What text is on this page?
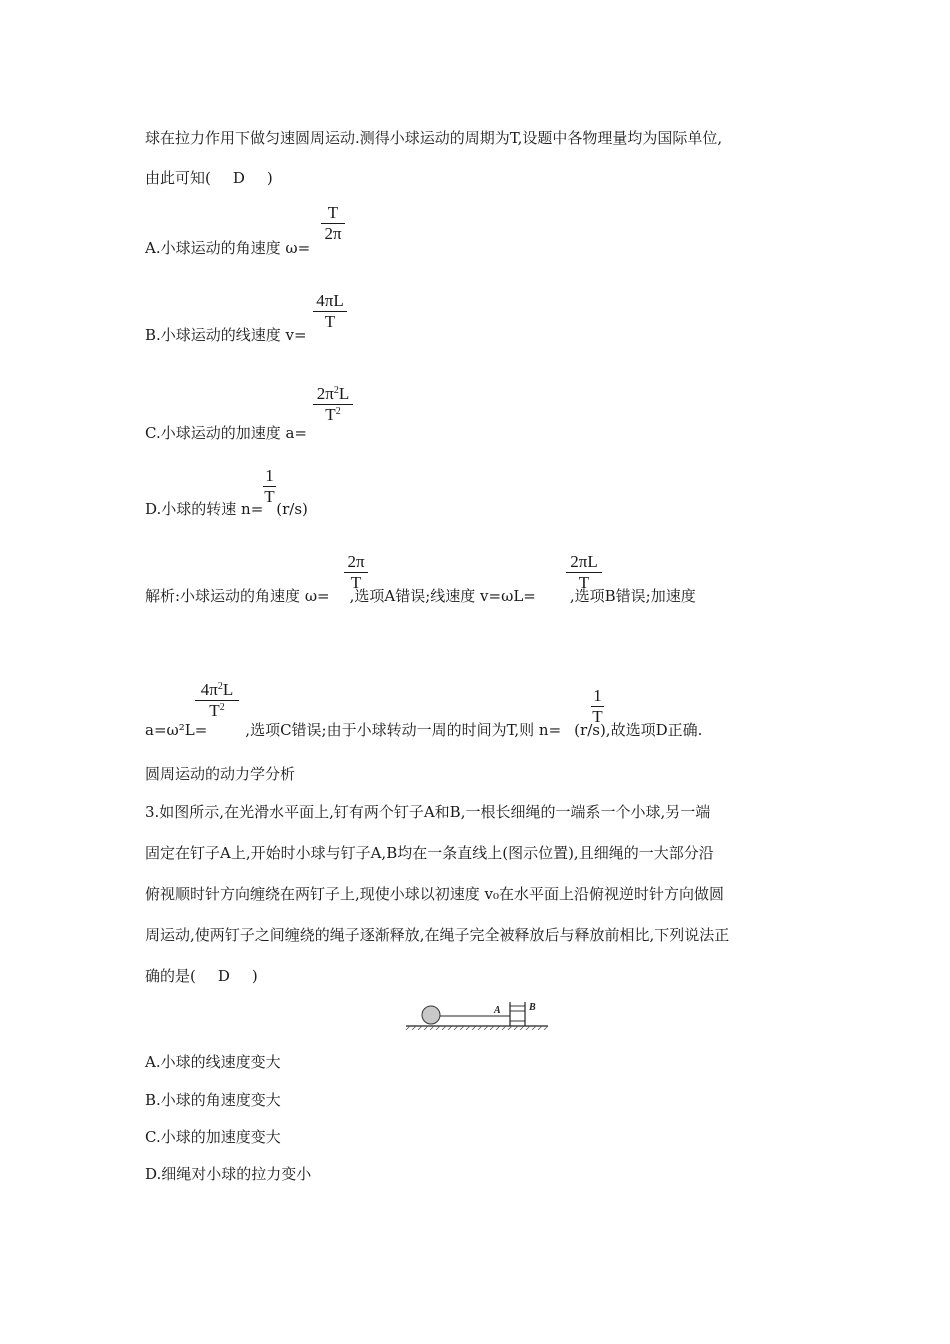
球在拉力作用下做匀速圆周运动.测得小球运动的周期为T,设题中各物理量均为国际单位,
由此可知( D )
A.小球运动的角速度 ω=
T
2π
B.小球运动的线速度 v=
4πL
T
C.小球运动的加速度 a=
$2\pi^2L$
$T^2$
D.小球的转速 n= (r/s)
1
T
解析:小球运动的角速度 ω= ,选项A错误;线速度 v=ωL= ,选项B错误;加速度
2π
T
2πL
T
a=ω²L=	,选项C错误;由于小球转动一周的时间为T,则 n= (r/s),故选项D正确.
$4\pi^2L$
$T^2$
1
T
圆周运动的动力学分析
3.如图所示,在光滑水平面上,钉有两个钉子A和B,一根长细绳的一端系一个小球,另一端
固定在钉子A上,开始时小球与钉子A,B均在一条直线上(图示位置),且细绳的一大部分沿
俯视顺时针方向缠绕在两钉子上,现使小球以初速度 v₀在水平面上沿俯视逆时针方向做圆
周运动,使两钉子之间缠绕的绳子逐渐释放,在绳子完全被释放后与释放前相比,下列说法正
确的是( D )
A	B
A.小球的线速度变大
B.小球的角速度变大
C.小球的加速度变大
D.细绳对小球的拉力变小
